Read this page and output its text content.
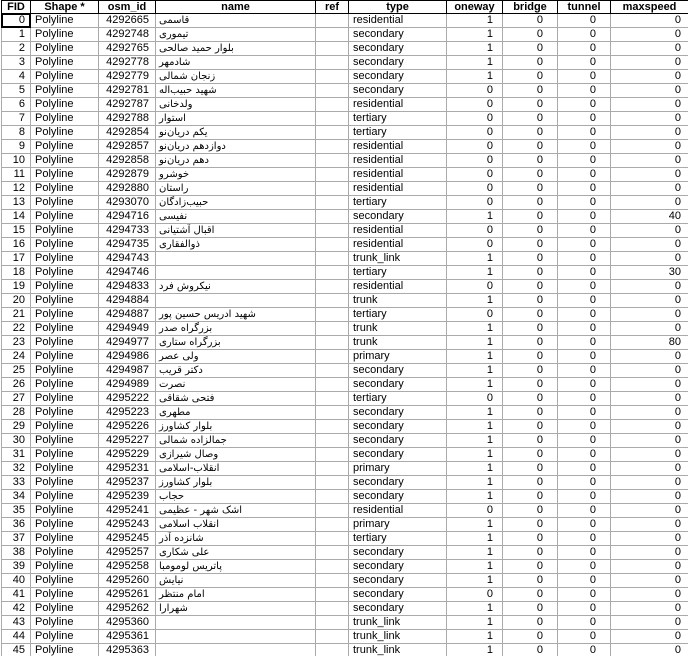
FID	Shape *	osm_id	name	ref	type	oneway	bridge	tunnel	maxspeed
0	Polyline	4292665	قاسمی		residential	1	0	0	0
1	Polyline	4292748	تیموری		secondary	1	0	0	0
2	Polyline	4292765	بلوار حمید صالحی		secondary	1	0	0	0
3	Polyline	4292778	شادمهر		secondary	1	0	0	0
4	Polyline	4292779	زنجان شمالی		secondary	1	0	0	0
5	Polyline	4292781	شهید حبیب‌اله		secondary	0	0	0	0
6	Polyline	4292787	ولدخانی		residential	0	0	0	0
7	Polyline	4292788	استوار		tertiary	0	0	0	0
8	Polyline	4292854	یکم دریان‌نو		tertiary	0	0	0	0
9	Polyline	4292857	دوازدهم دریان‌نو		residential	0	0	0	0
10	Polyline	4292858	دهم دریان‌نو		residential	0	0	0	0
11	Polyline	4292879	خوشرو		residential	0	0	0	0
12	Polyline	4292880	راستان		residential	0	0	0	0
13	Polyline	4293070	حبیب‌زادگان		tertiary	0	0	0	0
14	Polyline	4294716	نفیسی		secondary	1	0	0	40
15	Polyline	4294733	اقبال آشتیانی		residential	0	0	0	0
16	Polyline	4294735	ذوالفقاری		residential	0	0	0	0
17	Polyline	4294743			trunk_link	1	0	0	0
18	Polyline	4294746			tertiary	1	0	0	30
19	Polyline	4294833	نیکروش فرد		residential	0	0	0	0
20	Polyline	4294884			trunk	1	0	0	0
21	Polyline	4294887	شهید ادریس حسین پور		tertiary	0	0	0	0
22	Polyline	4294949	بزرگراه صدر		trunk	1	0	0	0
23	Polyline	4294977	بزرگراه ستاری		trunk	1	0	0	80
24	Polyline	4294986	ولی عصر		primary	1	0	0	0
25	Polyline	4294987	دکتر قریب		secondary	1	0	0	0
26	Polyline	4294989	نصرت		secondary	1	0	0	0
27	Polyline	4295222	فتحی شقاقی		tertiary	0	0	0	0
28	Polyline	4295223	مطهری		secondary	1	0	0	0
29	Polyline	4295226	بلوار کشاورز		secondary	1	0	0	0
30	Polyline	4295227	جمالزاده شمالی		secondary	1	0	0	0
31	Polyline	4295229	وصال شیرازی		secondary	1	0	0	0
32	Polyline	4295231	انقلاب-اسلامی		primary	1	0	0	0
33	Polyline	4295237	بلوار کشاورز		secondary	1	0	0	0
34	Polyline	4295239	حجاب		secondary	1	0	0	0
35	Polyline	4295241	اشک شهر - عظیمی		residential	0	0	0	0
36	Polyline	4295243	انقلاب اسلامی		primary	1	0	0	0
37	Polyline	4295245	شانزده آذر		tertiary	1	0	0	0
38	Polyline	4295257	علی شکاری		secondary	1	0	0	0
39	Polyline	4295258	پاتریس لومومبا		secondary	1	0	0	0
40	Polyline	4295260	نیایش		secondary	1	0	0	0
41	Polyline	4295261	امام منتظر		secondary	0	0	0	0
42	Polyline	4295262	شهرارا		secondary	1	0	0	0
43	Polyline	4295360			trunk_link	1	0	0	0
44	Polyline	4295361			trunk_link	1	0	0	0
45	Polyline	4295363			trunk_link	1	0	0	0
